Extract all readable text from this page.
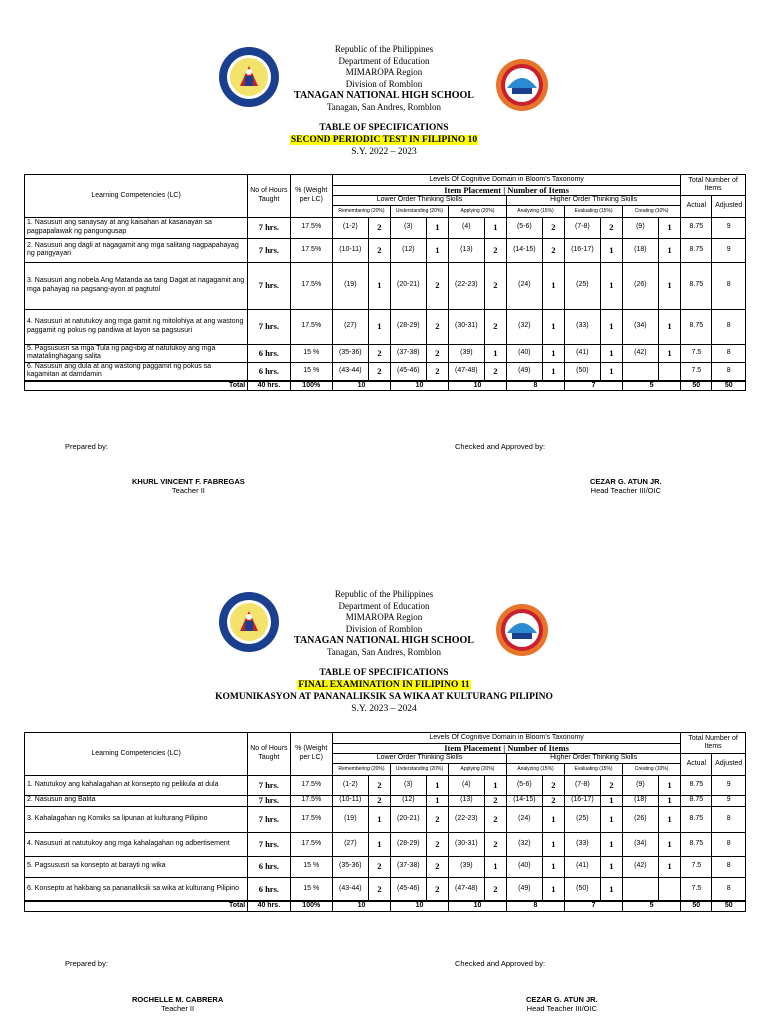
Republic of the Philippines
Department of Education
MIMAROPA Region
Division of Romblon
TANAGAN NATIONAL HIGH SCHOOL
Tanagan, San Andres, Romblon
TABLE OF SPECIFICATIONS
SECOND PERIODIC TEST IN FILIPINO 10
S.Y. 2022 – 2023
Learning Competencies (LC)	No of Hours Taught	% (Weight per LC)	Levels Of Cognitive Domain in Bloom's Taxonomy												Total Number of Items	
			Item Placement | Number of Items													
			Lower Order Thinking Skills						Higher Order Thinking Skills						Actual	Adjusted
			Remembering (20%)		Understanding (20%)		Applying (20%)		Analyzing (15%)		Evaluating (15%)		Creating (10%)			
1. Nasusuri ang sanaysay at ang kaisahan at kasanayan sa pagpapalawak ng pangungusap	7 hrs.	17.5%	(1-2)	2	(3)	1	(4)	1	(5-6)	2	(7-8)	2	(9)	1	8.75	9
2. Nasusuri ang dagli at nagagamit ang mga salitang nagpapahayag ng pangyayari	7 hrs.	17.5%	(10-11)	2	(12)	1	(13)	2	(14-15)	2	(16-17)	1	(18)	1	8.75	9
3. Nasusuri ang nobela Ang Matanda aa tang Dagat at nagagamit ang mga pahayag na pagsang-ayon at pagtutol	7 hrs.	17.5%	(19)	1	(20-21)	2	(22-23)	2	(24)	1	(25)	1	(26)	1	8.75	8
4. Nasusuri at natutukoy ang mga gamit ng mitolohiya at ang wastong paggamit ng pokus ng pandiwa at layon sa pagsusuri	7 hrs.	17.5%	(27)	1	(28-29)	2	(30-31)	2	(32)	1	(33)	1	(34)	1	8.75	8
5. Pagsususri sa mga Tula ng pag-ibig at natutukoy ang mga matatalinghagang salita	6 hrs.	15 %	(35-36)	2	(37-38)	2	(39)	1	(40)	1	(41)	1	(42)	1	7.5	8
6. Nasusuri ang dula at ang wastong paggamit ng pokus sa kagamitan at damdamin	6 hrs.	15 %	(43-44)	2	(45-46)	2	(47-48)	2	(49)	1	(50)	1			7.5	8
Total	40 hrs.	100%	10		10		10		8		7		5		50	50
Prepared by:	Checked and Approved by:
KHURL VINCENT F. FABREGAS
Teacher II
CEZAR G. ATUN JR.
Head Teacher III/OIC
Republic of the Philippines
Department of Education
MIMAROPA Region
Division of Romblon
TANAGAN NATIONAL HIGH SCHOOL
Tanagan, San Andres, Romblon
TABLE OF SPECIFICATIONS
FINAL EXAMINATION IN FILIPINO 11
KOMUNIKASYON AT PANANALIKSIK SA WIKA AT KULTURANG PILIPINO
S.Y. 2023 – 2024
Learning Competencies (LC)	No of Hours Taught	% (Weight per LC)	Levels Of Cognitive Domain in Bloom's Taxonomy												Total Number of Items	
			Item Placement | Number of Items													
			Lower Order Thinking Skills						Higher Order Thinking Skills						Actual	Adjusted
			Remembering (20%)		Understanding (20%)		Applying (20%)		Analyzing (15%)		Evaluating (15%)		Creating (10%)			
1. Natutukoy ang kahalagahan at konsepto ng pelikula at dula	7 hrs.	17.5%	(1-2)	2	(3)	1	(4)	1	(5-6)	2	(7-8)	2	(9)	1	8.75	9
2. Nasusuri ang Balita	7 hrs.	17.5%	(10-11)	2	(12)	1	(13)	2	(14-15)	2	(16-17)	1	(18)	1	8.75	9
3. Kahalagahan ng Komiks sa lipunan at kulturang Pilipino	7 hrs.	17.5%	(19)	1	(20-21)	2	(22-23)	2	(24)	1	(25)	1	(26)	1	8.75	8
4. Nasusuri at natutukoy ang mga kahalagahan ng adbertisement	7 hrs.	17.5%	(27)	1	(28-29)	2	(30-31)	2	(32)	1	(33)	1	(34)	1	8.75	8
5. Pagsususri sa konsepto at barayti ng wika	6 hrs.	15 %	(35-36)	2	(37-38)	2	(39)	1	(40)	1	(41)	1	(42)	1	7.5	8
6. Konsepto at hakbang sa pananaliksik sa wika at kulturang Pilipino	6 hrs.	15 %	(43-44)	2	(45-46)	2	(47-48)	2	(49)	1	(50)	1			7.5	8
Total	40 hrs.	100%	10		10		10		8		7		5		50	50
Prepared by:	Checked and Approved by:
ROCHELLE M. CABRERA
Teacher II
CEZAR G. ATUN JR.
Head Teacher III/OIC
